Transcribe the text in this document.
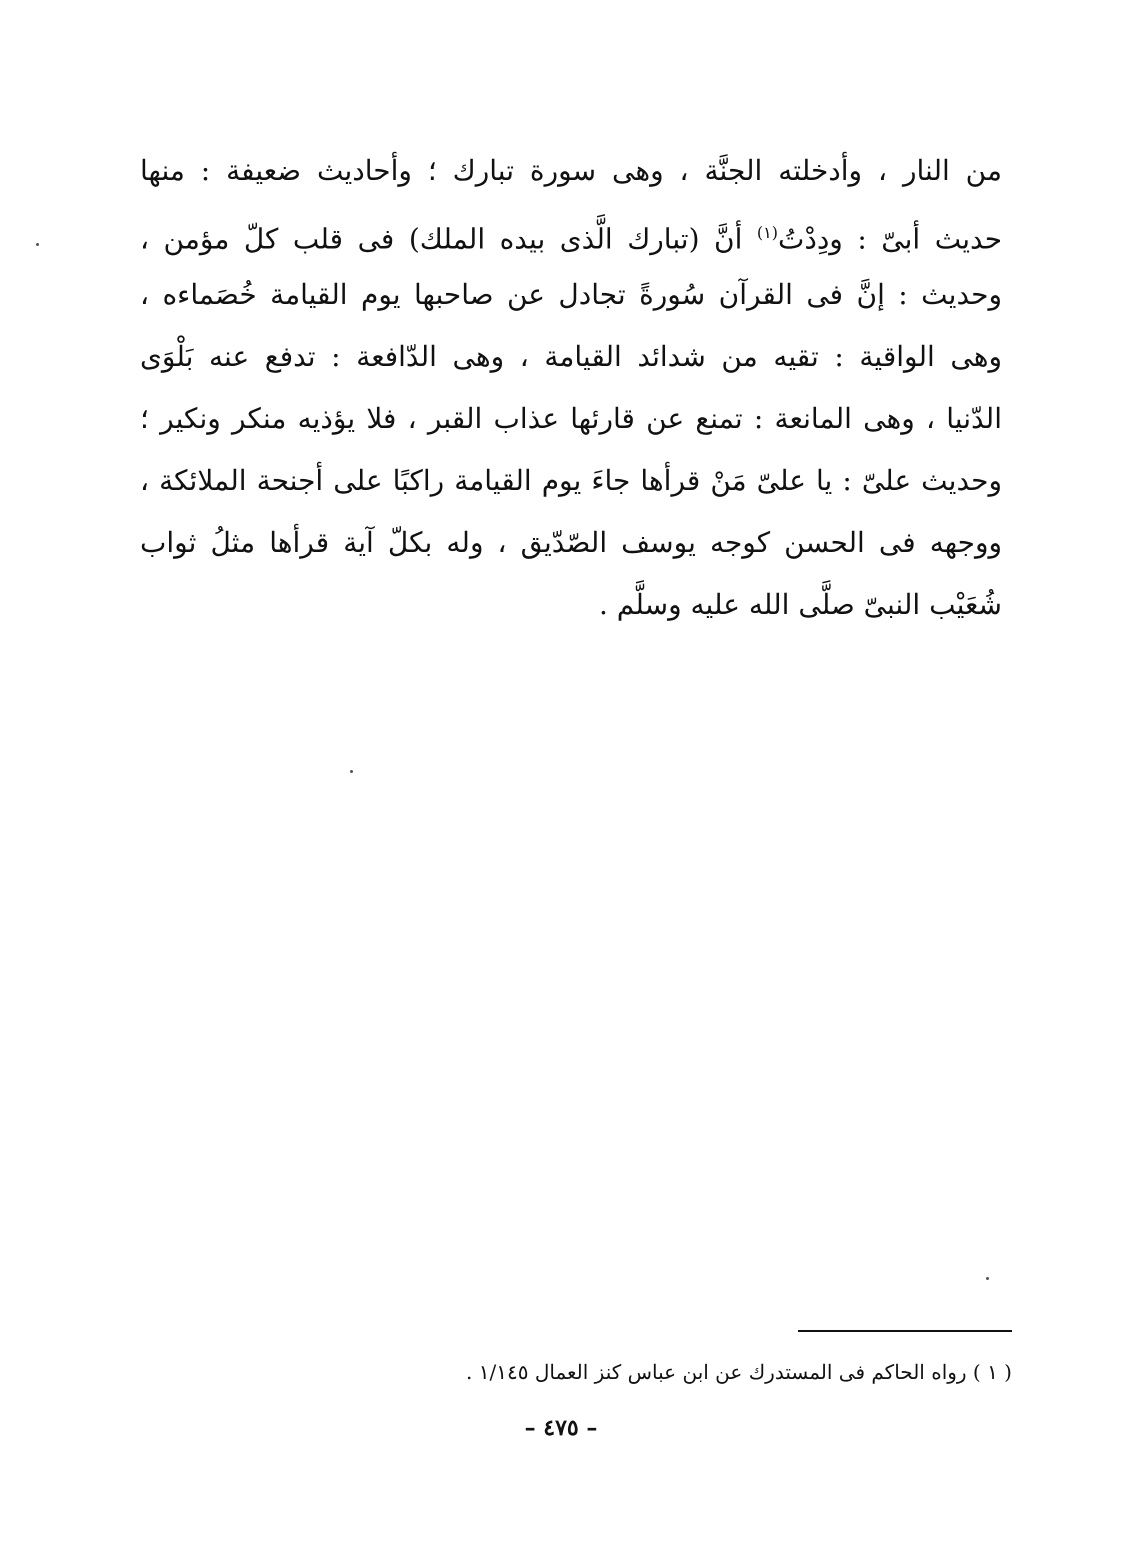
من النار ، وأدخلته الجنَّة ، وهى سورة تبارك ؛ وأحاديث ضعيفة : منها
حديث أبىّ : ودِدْتُ$^{(١)}$ أنَّ (تبارك الَّذى بيده الملك) فى قلب كلّ مؤمن ،
وحديث : إنَّ فى القرآن سُورةً تجادل عن صاحبها يوم القيامة خُصَماءه ،
وهى الواقية : تقيه من شدائد القيامة ، وهى الدّافعة : تدفع عنه بَلْوَى
الدّنيا ، وهى المانعة : تمنع عن قارئها عذاب القبر ، فلا يؤذيه منكر ونكير ؛
وحديث علىّ : يا علىّ مَنْ قرأها جاءَ يوم القيامة راكبًا على أجنحة الملائكة ،
ووجهه فى الحسن كوجه يوسف الصّدّيق ، وله بكلّ آية قرأها مثلُ ثواب
شُعَيْب النبىّ صلَّى الله عليه وسلَّم .
( ١ ) رواه الحاكم فى المستدرك عن ابن عباس كنز العمال ١/١٤٥ .
– ٤٧٥ –
